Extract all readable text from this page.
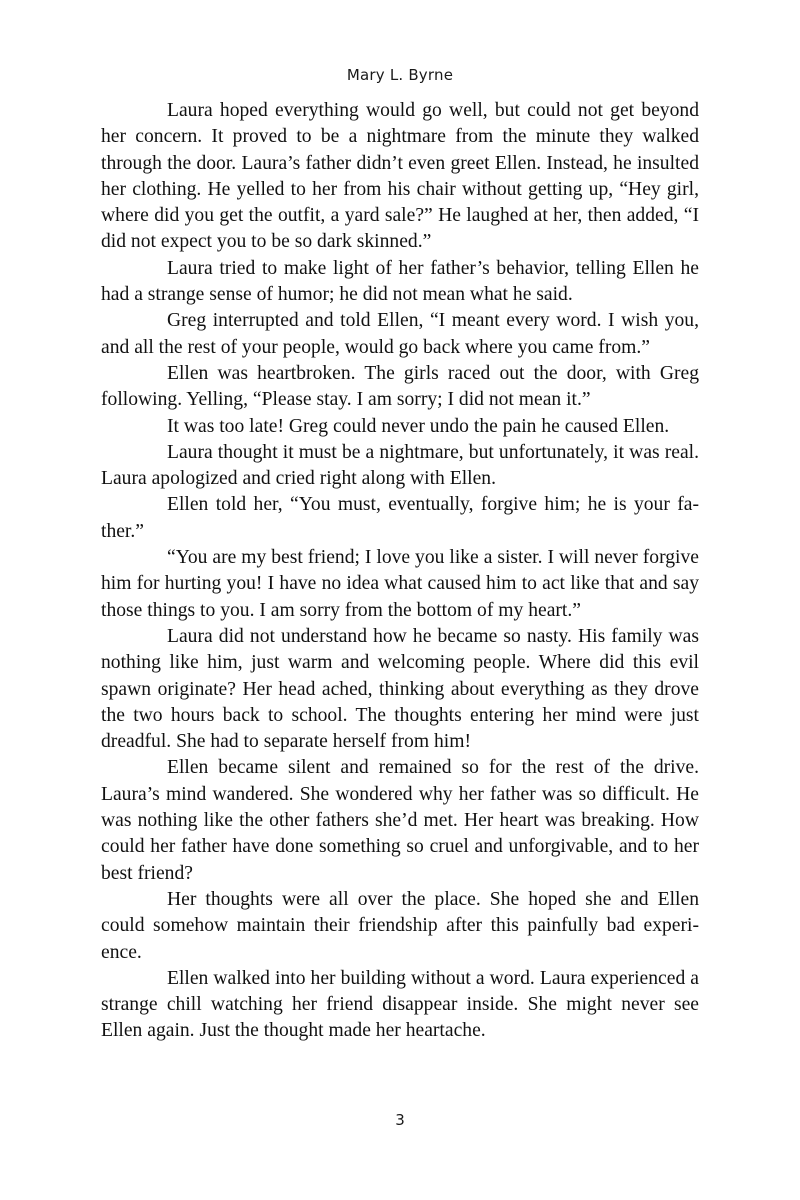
Mary L. Byrne

Laura hoped everything would go well, but could not get beyond her concern. It proved to be a nightmare from the minute they walked through the door. Laura’s father didn’t even greet Ellen. Instead, he insulted her clothing. He yelled to her from his chair without getting up, “Hey girl, where did you get the outfit, a yard sale?” He laughed at her, then added, “I did not expect you to be so dark skinned.”

Laura tried to make light of her father’s behavior, telling Ellen he had a strange sense of humor; he did not mean what he said.

Greg interrupted and told Ellen, “I meant every word. I wish you, and all the rest of your people, would go back where you came from.”

Ellen was heartbroken. The girls raced out the door, with Greg following. Yelling, “Please stay. I am sorry; I did not mean it.”

It was too late! Greg could never undo the pain he caused Ellen.

Laura thought it must be a nightmare, but unfortunately, it was real. Laura apologized and cried right along with Ellen.

Ellen told her, “You must, eventually, forgive him; he is your father.”

“You are my best friend; I love you like a sister. I will never forgive him for hurting you! I have no idea what caused him to act like that and say those things to you. I am sorry from the bottom of my heart.”

Laura did not understand how he became so nasty. His family was nothing like him, just warm and welcoming people. Where did this evil spawn originate? Her head ached, thinking about everything as they drove the two hours back to school. The thoughts entering her mind were just dreadful. She had to separate herself from him!

Ellen became silent and remained so for the rest of the drive. Laura’s mind wandered. She wondered why her father was so difficult. He was nothing like the other fathers she’d met. Her heart was breaking. How could her father have done something so cruel and unforgivable, and to her best friend?

Her thoughts were all over the place. She hoped she and Ellen could somehow maintain their friendship after this painfully bad experience.

Ellen walked into her building without a word. Laura experienced a strange chill watching her friend disappear inside. She might never see Ellen again. Just the thought made her heartache.

3
